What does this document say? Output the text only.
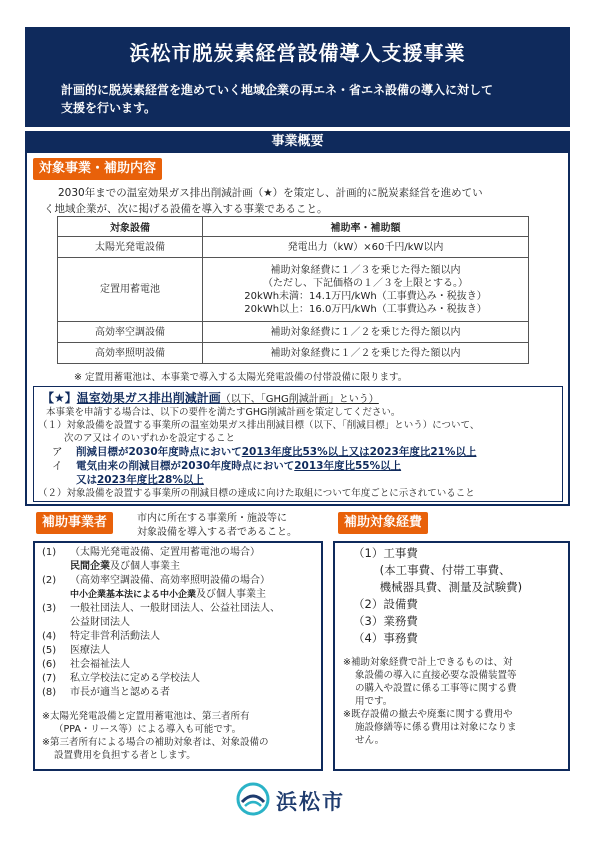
浜松市脱炭素経営設備導入支援事業
計画的に脱炭素経営を進めていく地域企業の再エネ・省エネ設備の導入に対して
支援を行います。
事業概要
対象事業・補助内容
2030年までの温室効果ガス排出削減計画（★）を策定し、計画的に脱炭素経営を進めてい
く地域企業が、次に掲げる設備を導入する事業であること。
対象設備	補助率・補助額
太陽光発電設備	発電出力（kW）×60千円/kW以内
定置用蓄電池	補助対象経費に１／３を乗じた得た額以内
（ただし、下記価格の１／３を上限とする。）
20kWh未満：14.1万円/kWh（工事費込み・税抜き）
20kWh以上：16.0万円/kWh（工事費込み・税抜き）

高効率空調設備	補助対象経費に１／２を乗じた得た額以内
高効率照明設備	補助対象経費に１／２を乗じた得た額以内
※ 定置用蓄電池は、本事業で導入する太陽光発電設備の付帯設備に限ります。
【★】温室効果ガス排出削減計画（以下、「GHG削減計画」という）
本事業を申請する場合は、以下の要件を満たすGHG削減計画を策定してください。
（１）対象設備を設置する事業所の温室効果ガス排出削減目標（以下、「削減目標」という）について、
次のア又はイのいずれかを設定すること
ア 削減目標が2030年度時点において2013年度比53%以上又は2023年度比21%以上
イ 電気由来の削減目標が2030年度時点において2013年度比55%以上
又は2023年度比28%以上
（２）対象設備を設置する事業所の削減目標の達成に向けた取組について年度ごとに示されていること
補助事業者	市内に所在する事業所・施設等に
対象設備を導入する者であること。
(1)	（太陽光発電設備、定置用蓄電池の場合）
民間企業 及び個人事業主
(2)	（高効率空調設備、高効率照明設備の場合）
中小企業基本法による中小企業 及び個人事業主
(3)	一般社団法人、一般財団法人、公益社団法人、
公益財団法人
(4)	特定非営利活動法人
(5)	医療法人
(6)	社会福祉法人
(7)	私立学校法に定める学校法人
(8)	市長が適当と認める者
※太陽光発電設備と定置用蓄電池は、第三者所有
（PPA・リース等）による導入も可能です。
※第三者所有による場合の補助対象者は、対象設備の
設置費用を負担する者とします。
補助対象経費
（1）工事費
　　 (本工事費、付帯工事費、
　　 機械器具費、測量及試験費)
（2）設備費
（3）業務費
（4）事務費
※補助対象経費で計上できるものは、対
象設備の導入に直接必要な設備装置等
の購入や設置に係る工事等に関する費
用です。
※既存設備の撤去や廃棄に関する費用や
施設修繕等に係る費用は対象になりま
せん。
浜松市
